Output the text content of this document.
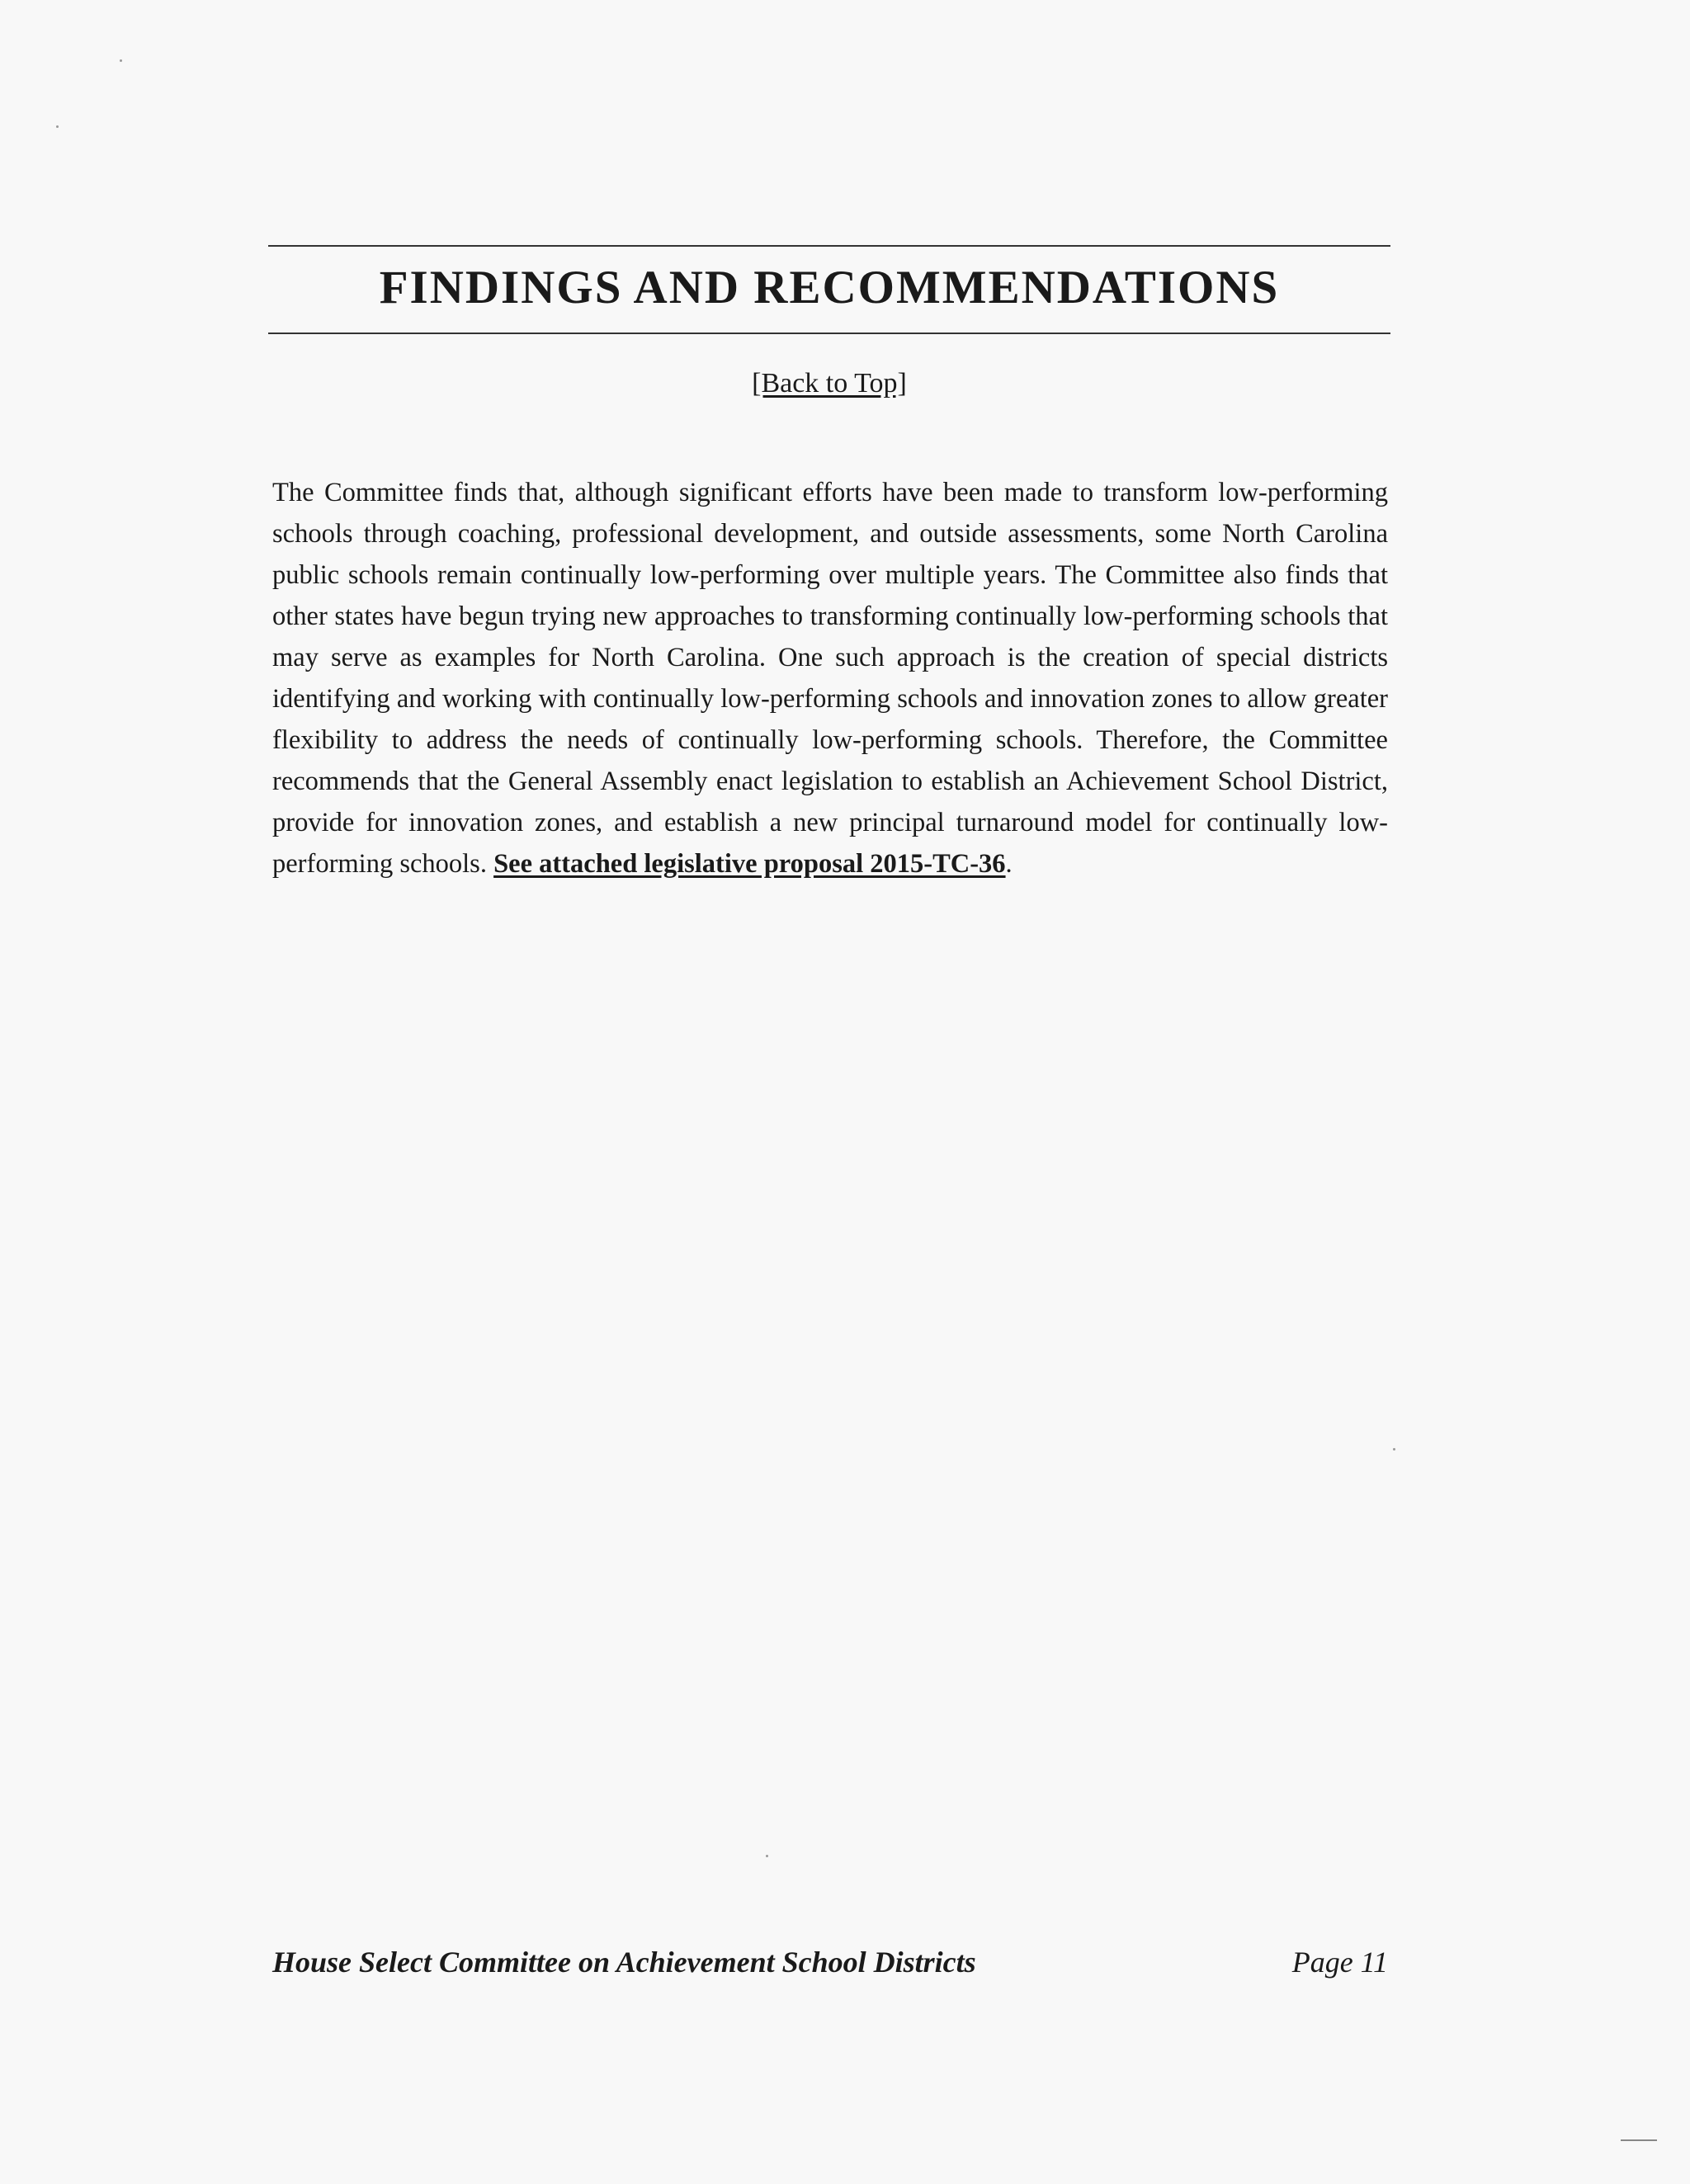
FINDINGS AND RECOMMENDATIONS
[Back to Top]

The Committee finds that, although significant efforts have been made to transform low-performing schools through coaching, professional development, and outside assessments, some North Carolina public schools remain continually low-performing over multiple years. The Committee also finds that other states have begun trying new approaches to transforming continually low-performing schools that may serve as examples for North Carolina. One such approach is the creation of special districts identifying and working with continually low-performing schools and innovation zones to allow greater flexibility to address the needs of continually low-performing schools. Therefore, the Committee recommends that the General Assembly enact legislation to establish an Achievement School District, provide for innovation zones, and establish a new principal turnaround model for continually low-performing schools. See attached legislative proposal 2015-TC-36.

House Select Committee on Achievement School Districts	Page 11
